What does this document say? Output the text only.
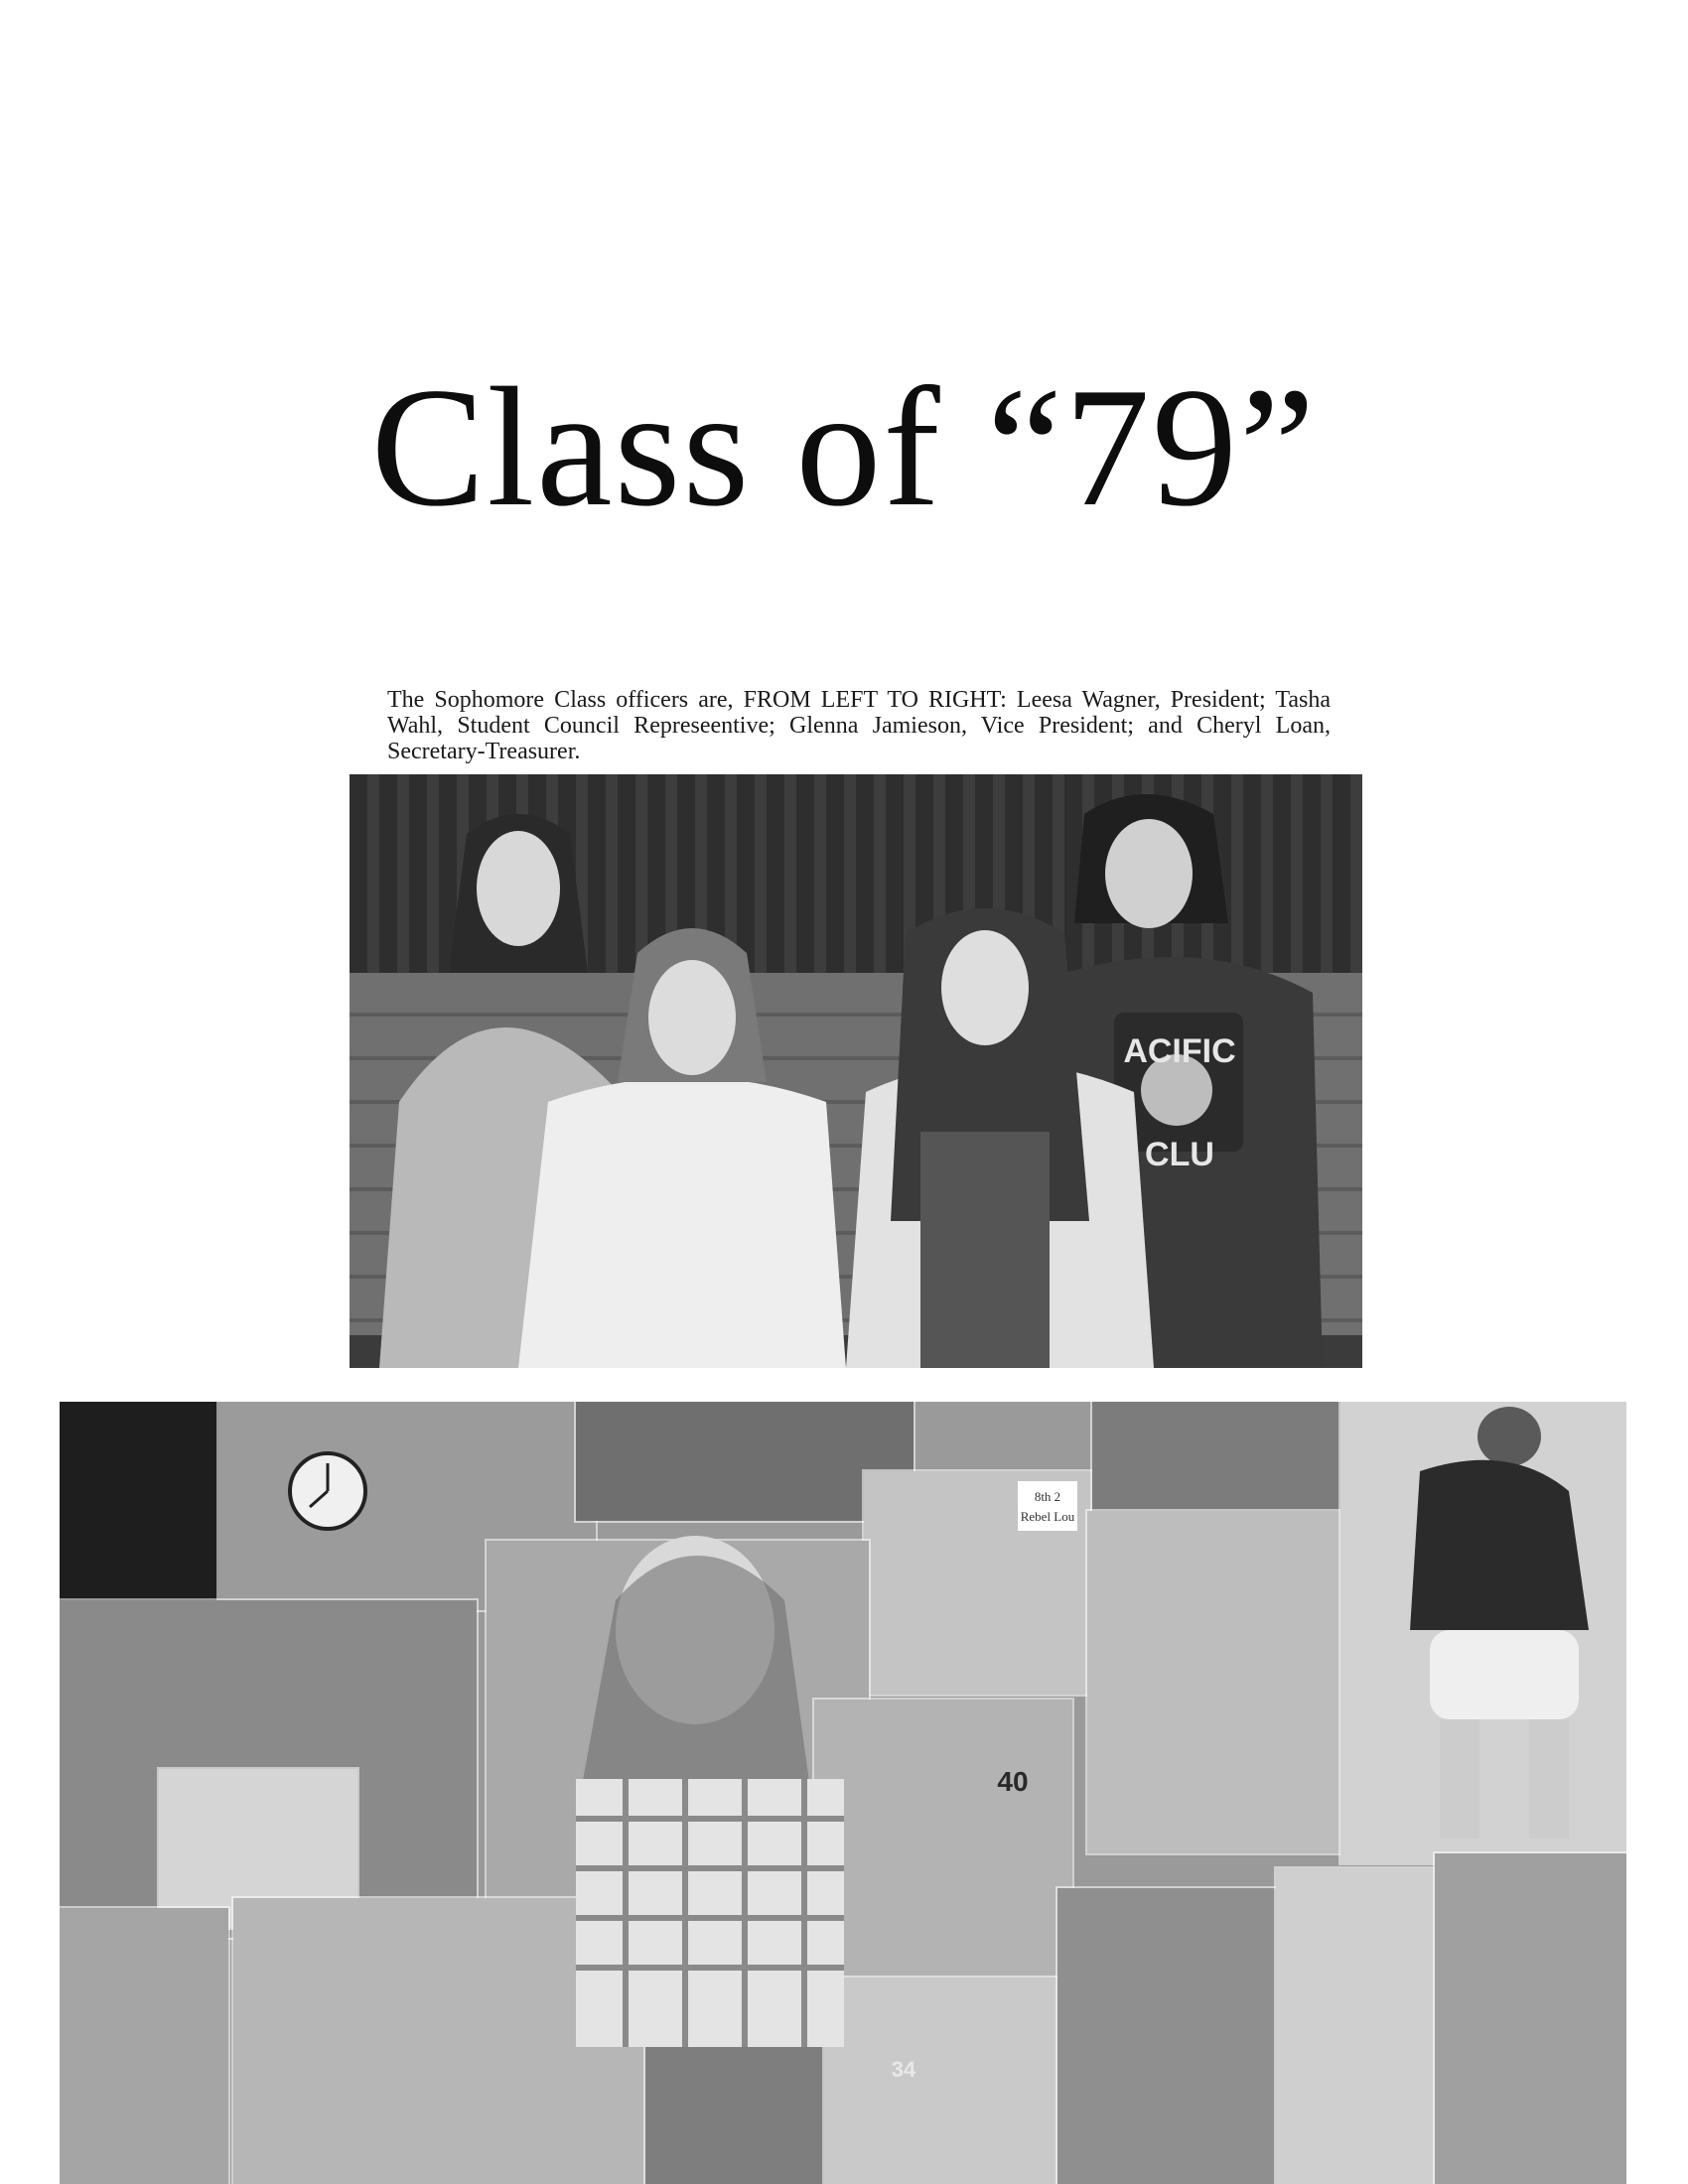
Class of “79”

The Sophomore Class officers are, FROM LEFT TO RIGHT: Leesa Wagner, President; Tasha Wahl, Student Council Represeentive; Glenna Jamieson, Vice President; and Cheryl Loan, Secretary-Treasurer.

ACIFIC
CLU
8th 2
Rebel Lou
40
34
